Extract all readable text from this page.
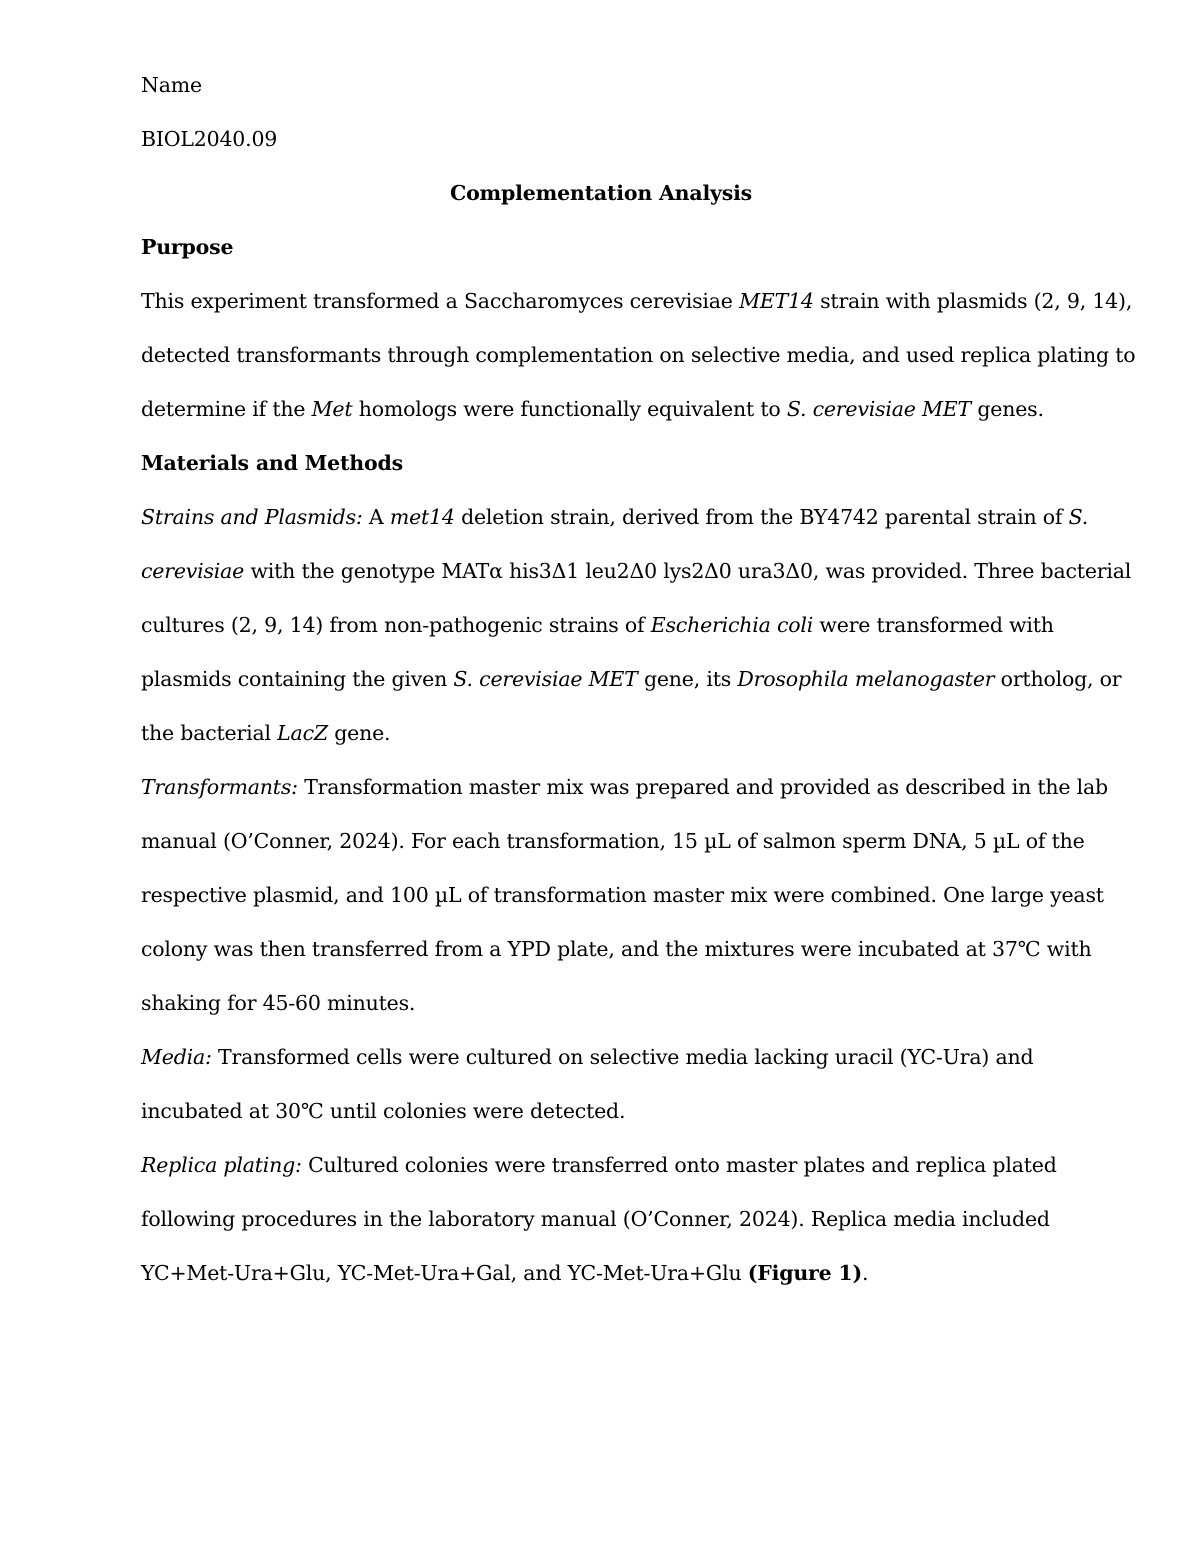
Name
BIOL2040.09
Complementation Analysis
Purpose
This experiment transformed a Saccharomyces cerevisiae MET14 strain with plasmids (2, 9, 14),
detected transformants through complementation on selective media, and used replica plating to
determine if the Met homologs were functionally equivalent to S. cerevisiae MET genes.
Materials and Methods
Strains and Plasmids: A met14 deletion strain, derived from the BY4742 parental strain of S.
cerevisiae with the genotype MATα his3Δ1 leu2Δ0 lys2Δ0 ura3Δ0, was provided. Three bacterial
cultures (2, 9, 14) from non-pathogenic strains of Escherichia coli were transformed with
plasmids containing the given S. cerevisiae MET gene, its Drosophila melanogaster ortholog, or
the bacterial LacZ gene.
Transformants: Transformation master mix was prepared and provided as described in the lab
manual (O’Conner, 2024). For each transformation, 15 µL of salmon sperm DNA, 5 µL of the
respective plasmid, and 100 µL of transformation master mix were combined. One large yeast
colony was then transferred from a YPD plate, and the mixtures were incubated at 37℃ with
shaking for 45-60 minutes.
Media: Transformed cells were cultured on selective media lacking uracil (YC-Ura) and
incubated at 30℃ until colonies were detected.
Replica plating: Cultured colonies were transferred onto master plates and replica plated
following procedures in the laboratory manual (O’Conner, 2024). Replica media included
YC+Met-Ura+Glu, YC-Met-Ura+Gal, and YC-Met-Ura+Glu (Figure 1).
